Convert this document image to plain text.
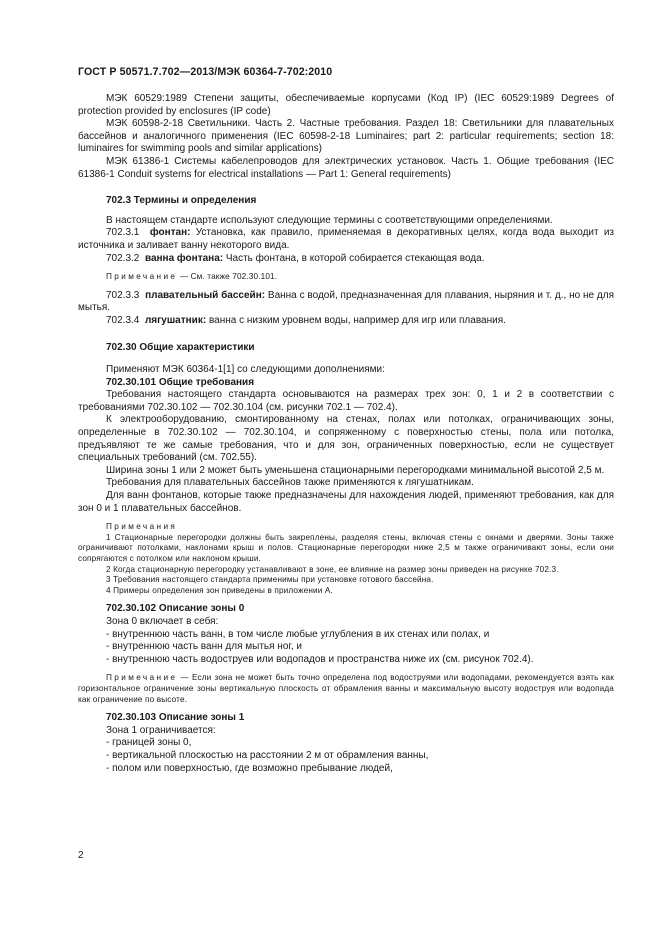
ГОСТ Р 50571.7.702—2013/МЭК 60364-7-702:2010

МЭК 60529:1989 Степени защиты, обеспечиваемые корпусами (Код IP) (IEC 60529:1989 Degrees of protection provided by enclosures (IP code)

МЭК 60598-2-18 Светильники. Часть 2. Частные требования. Раздел 18: Светильники для плавательных бассейнов и аналогичного применения (IEC 60598-2-18 Luminaires; part 2: particular requirements; section 18: luminaires for swimming pools and similar applications)

МЭК 61386-1 Системы кабелепроводов для электрических установок. Часть 1. Общие требования (IEC 61386-1 Conduit systems for electrical installations — Part 1: General requirements)

702.3 Термины и определения

В настоящем стандарте используют следующие термины с соответствующими определениями.

702.3.1 фонтан: Установка, как правило, применяемая в декоративных целях, когда вода выходит из источника и заливает ванну некоторого вида.

702.3.2 ванна фонтана: Часть фонтана, в которой собирается стекающая вода.

Примечание — См. также 702.30.101.

702.3.3 плавательный бассейн: Ванна с водой, предназначенная для плавания, ныряния и т. д., но не для мытья.

702.3.4 лягушатник: ванна с низким уровнем воды, например для игр или плавания.

702.30 Общие характеристики

Применяют МЭК 60364-1[1] со следующими дополнениями:

702.30.101 Общие требования

Требования настоящего стандарта основываются на размерах трех зон: 0, 1 и 2 в соответствии с требованиями 702.30.102 — 702.30.104 (см. рисунки 702.1 — 702.4).

К электрооборудованию, смонтированному на стенах, полах или потолках, ограничивающих зоны, определенные в 702.30.102 — 702.30.104, и сопряженному с поверхностью стены, пола или потолка, предъявляют те же самые требования, что и для зон, ограниченных поверхностью, если не существует специальных требований (см. 702.55).

Ширина зоны 1 или 2 может быть уменьшена стационарными перегородками минимальной высотой 2,5 м.

Требования для плавательных бассейнов также применяются к лягушатникам.

Для ванн фонтанов, которые также предназначены для нахождения людей, применяют требования, как для зон 0 и 1 плавательных бассейнов.

Примечания

1 Стационарные перегородки должны быть закреплены, разделяя стены, включая стены с окнами и дверями. Зоны также ограничивают потолками, наклонами крыш и полов. Стационарные перегородки ниже 2,5 м также ограничивают зоны, если они сопрягаются с потолком или наклоном крыши.

2 Когда стационарную перегородку устанавливают в зоне, ее влияние на размер зоны приведен на рисунке 702.3.

3 Требования настоящего стандарта применимы при установке готового бассейна.

4 Примеры определения зон приведены в приложении А.

702.30.102 Описание зоны 0

Зона 0 включает в себя:

- внутреннюю часть ванн, в том числе любые углубления в их стенах или полах, и

- внутреннюю часть ванн для мытья ног, и

- внутреннюю часть водоструев или водопадов и пространства ниже их (см. рисунок 702.4).

Примечание — Если зона не может быть точно определена под водоструями или водопадами, рекомендуется взять как горизонтальное ограничение зоны вертикальную плоскость от обрамления ванны и максимальную высоту водоструя или водопада как ограничение по высоте.

702.30.103 Описание зоны 1

Зона 1 ограничивается:

- границей зоны 0,

- вертикальной плоскостью на расстоянии 2 м от обрамления ванны,

- полом или поверхностью, где возможно пребывание людей,

2
